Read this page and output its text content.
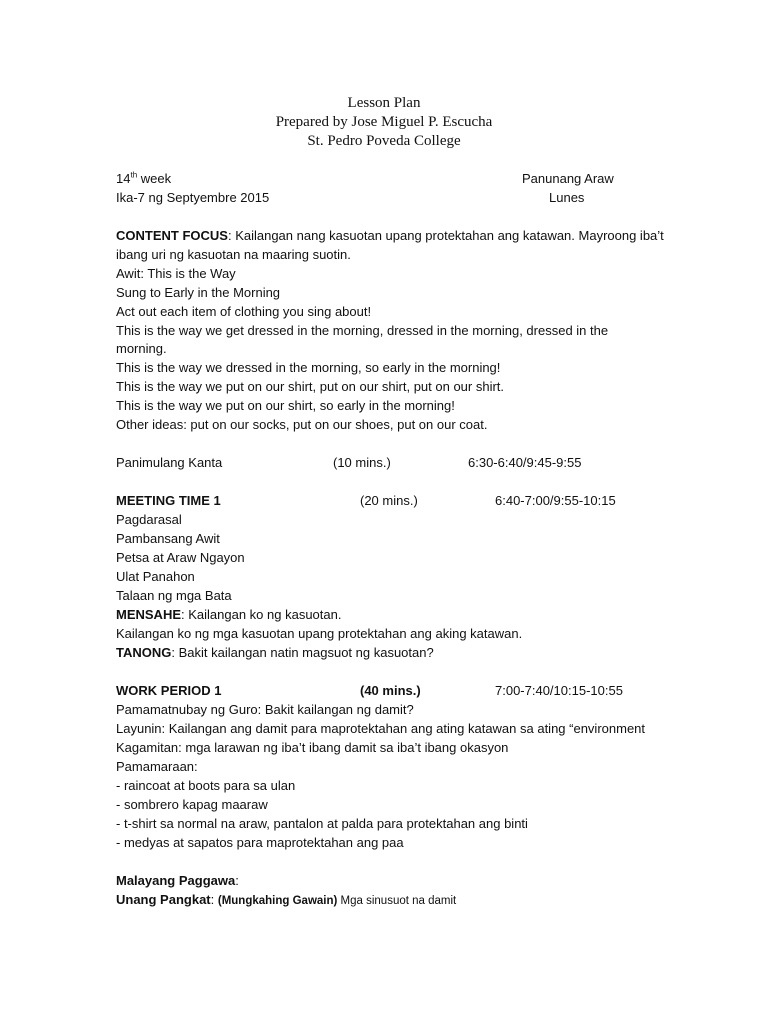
Lesson Plan
Prepared by Jose Miguel P. Escucha
St. Pedro Poveda College
14th week	Panunang Araw
Ika-7 ng Septyembre 2015	Lunes
CONTENT FOCUS: Kailangan nang kasuotan upang protektahan ang katawan. Mayroong iba’t
ibang uri ng kasuotan na maaring suotin.
Awit: This is the Way
Sung to Early in the Morning
Act out each item of clothing you sing about!
This is the way we get dressed in the morning, dressed in the morning, dressed in the
morning.
This is the way we dressed in the morning, so early in the morning!
This is the way we put on our shirt, put on our shirt, put on our shirt.
This is the way we put on our shirt, so early in the morning!
Other ideas: put on our socks, put on our shoes, put on our coat.
Panimulang Kanta	(10 mins.)	6:30-6:40/9:45-9:55
MEETING TIME 1	(20 mins.)	6:40-7:00/9:55-10:15
Pagdarasal
Pambansang Awit
Petsa at Araw Ngayon
Ulat Panahon
Talaan ng mga Bata
MENSAHE: Kailangan ko ng kasuotan.
Kailangan ko ng mga kasuotan upang protektahan ang aking katawan.
TANONG: Bakit kailangan natin magsuot ng kasuotan?
WORK PERIOD 1	(40 mins.)	7:00-7:40/10:15-10:55
Pamamatnubay ng Guro: Bakit kailangan ng damit?
Layunin: Kailangan ang damit para maprotektahan ang ating katawan sa ating “environment
Kagamitan: mga larawan ng iba’t ibang damit sa iba’t ibang okasyon
Pamamaraan:
- raincoat at boots para sa ulan
- sombrero kapag maaraw
- t-shirt sa normal na araw, pantalon at palda para protektahan ang binti
- medyas at sapatos para maprotektahan ang paa
Malayang Paggawa:
Unang Pangkat: (Mungkahing Gawain) Mga sinusuot na damit
